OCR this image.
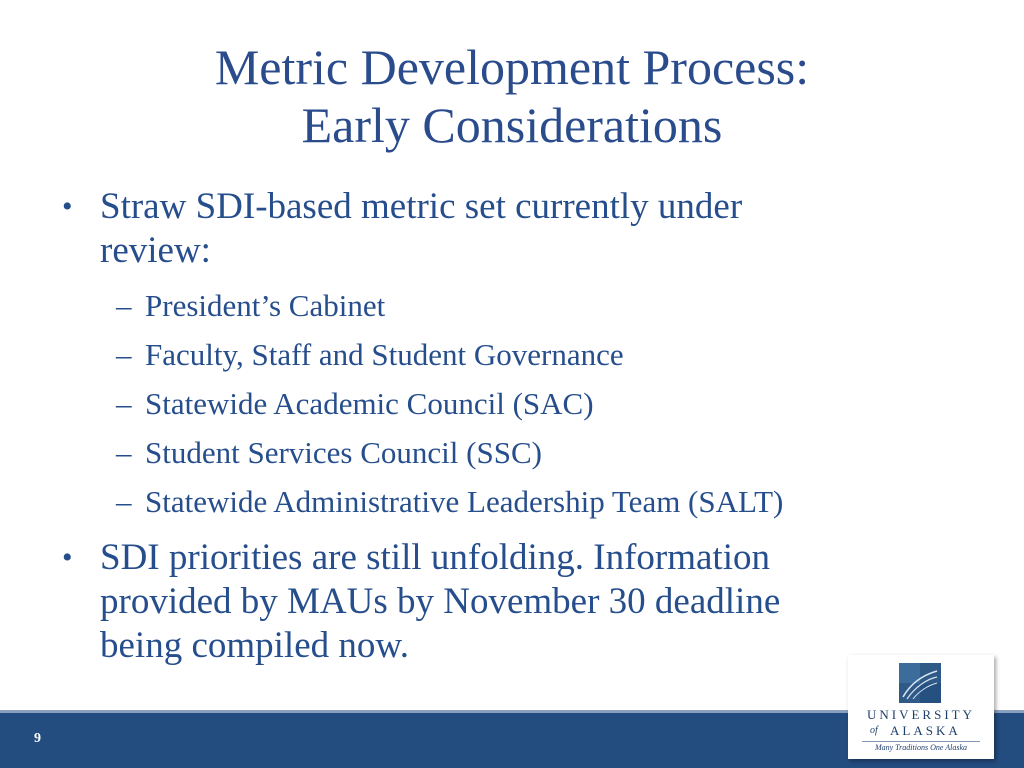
Metric Development Process:
Early Considerations
• Straw SDI-based metric set currently under
review:
– President’s Cabinet
– Faculty, Staff and Student Governance
– Statewide Academic Council (SAC)
– Student Services Council (SSC)
– Statewide Administrative Leadership Team (SALT)
• SDI priorities are still unfolding. Information
provided by MAUs by November 30 deadline
being compiled now.
9
UNIVERSITY
of ALASKA
Many Traditions One Alaska
